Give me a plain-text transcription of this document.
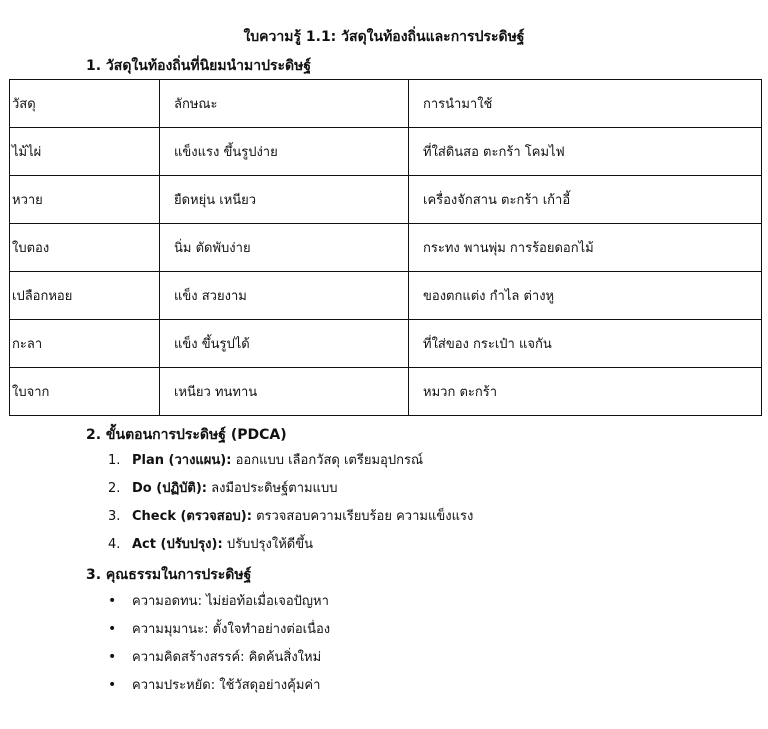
ใบความรู้ 1.1: วัสดุในท้องถิ่นและการประดิษฐ์
1. วัสดุในท้องถิ่นที่นิยมนำมาประดิษฐ์
วัสดุ	ลักษณะ	การนำมาใช้
ไม้ไผ่	แข็งแรง ขึ้นรูปง่าย	ที่ใส่ดินสอ ตะกร้า โคมไฟ
หวาย	ยืดหยุ่น เหนียว	เครื่องจักสาน ตะกร้า เก้าอี้
ใบตอง	นิ่ม ตัดพับง่าย	กระทง พานพุ่ม การร้อยดอกไม้
เปลือกหอย	แข็ง สวยงาม	ของตกแต่ง กำไล ต่างหู
กะลา	แข็ง ขึ้นรูปได้	ที่ใส่ของ กระเป๋า แจกัน
ใบจาก	เหนียว ทนทาน	หมวก ตะกร้า
2. ขั้นตอนการประดิษฐ์ (PDCA)
1. Plan (วางแผน): ออกแบบ เลือกวัสดุ เตรียมอุปกรณ์
2. Do (ปฏิบัติ): ลงมือประดิษฐ์ตามแบบ
3. Check (ตรวจสอบ): ตรวจสอบความเรียบร้อย ความแข็งแรง
4. Act (ปรับปรุง): ปรับปรุงให้ดีขึ้น
3. คุณธรรมในการประดิษฐ์
• ความอดทน: ไม่ย่อท้อเมื่อเจอปัญหา
• ความมุมานะ: ตั้งใจทำอย่างต่อเนื่อง
• ความคิดสร้างสรรค์: คิดค้นสิ่งใหม่
• ความประหยัด: ใช้วัสดุอย่างคุ้มค่า
